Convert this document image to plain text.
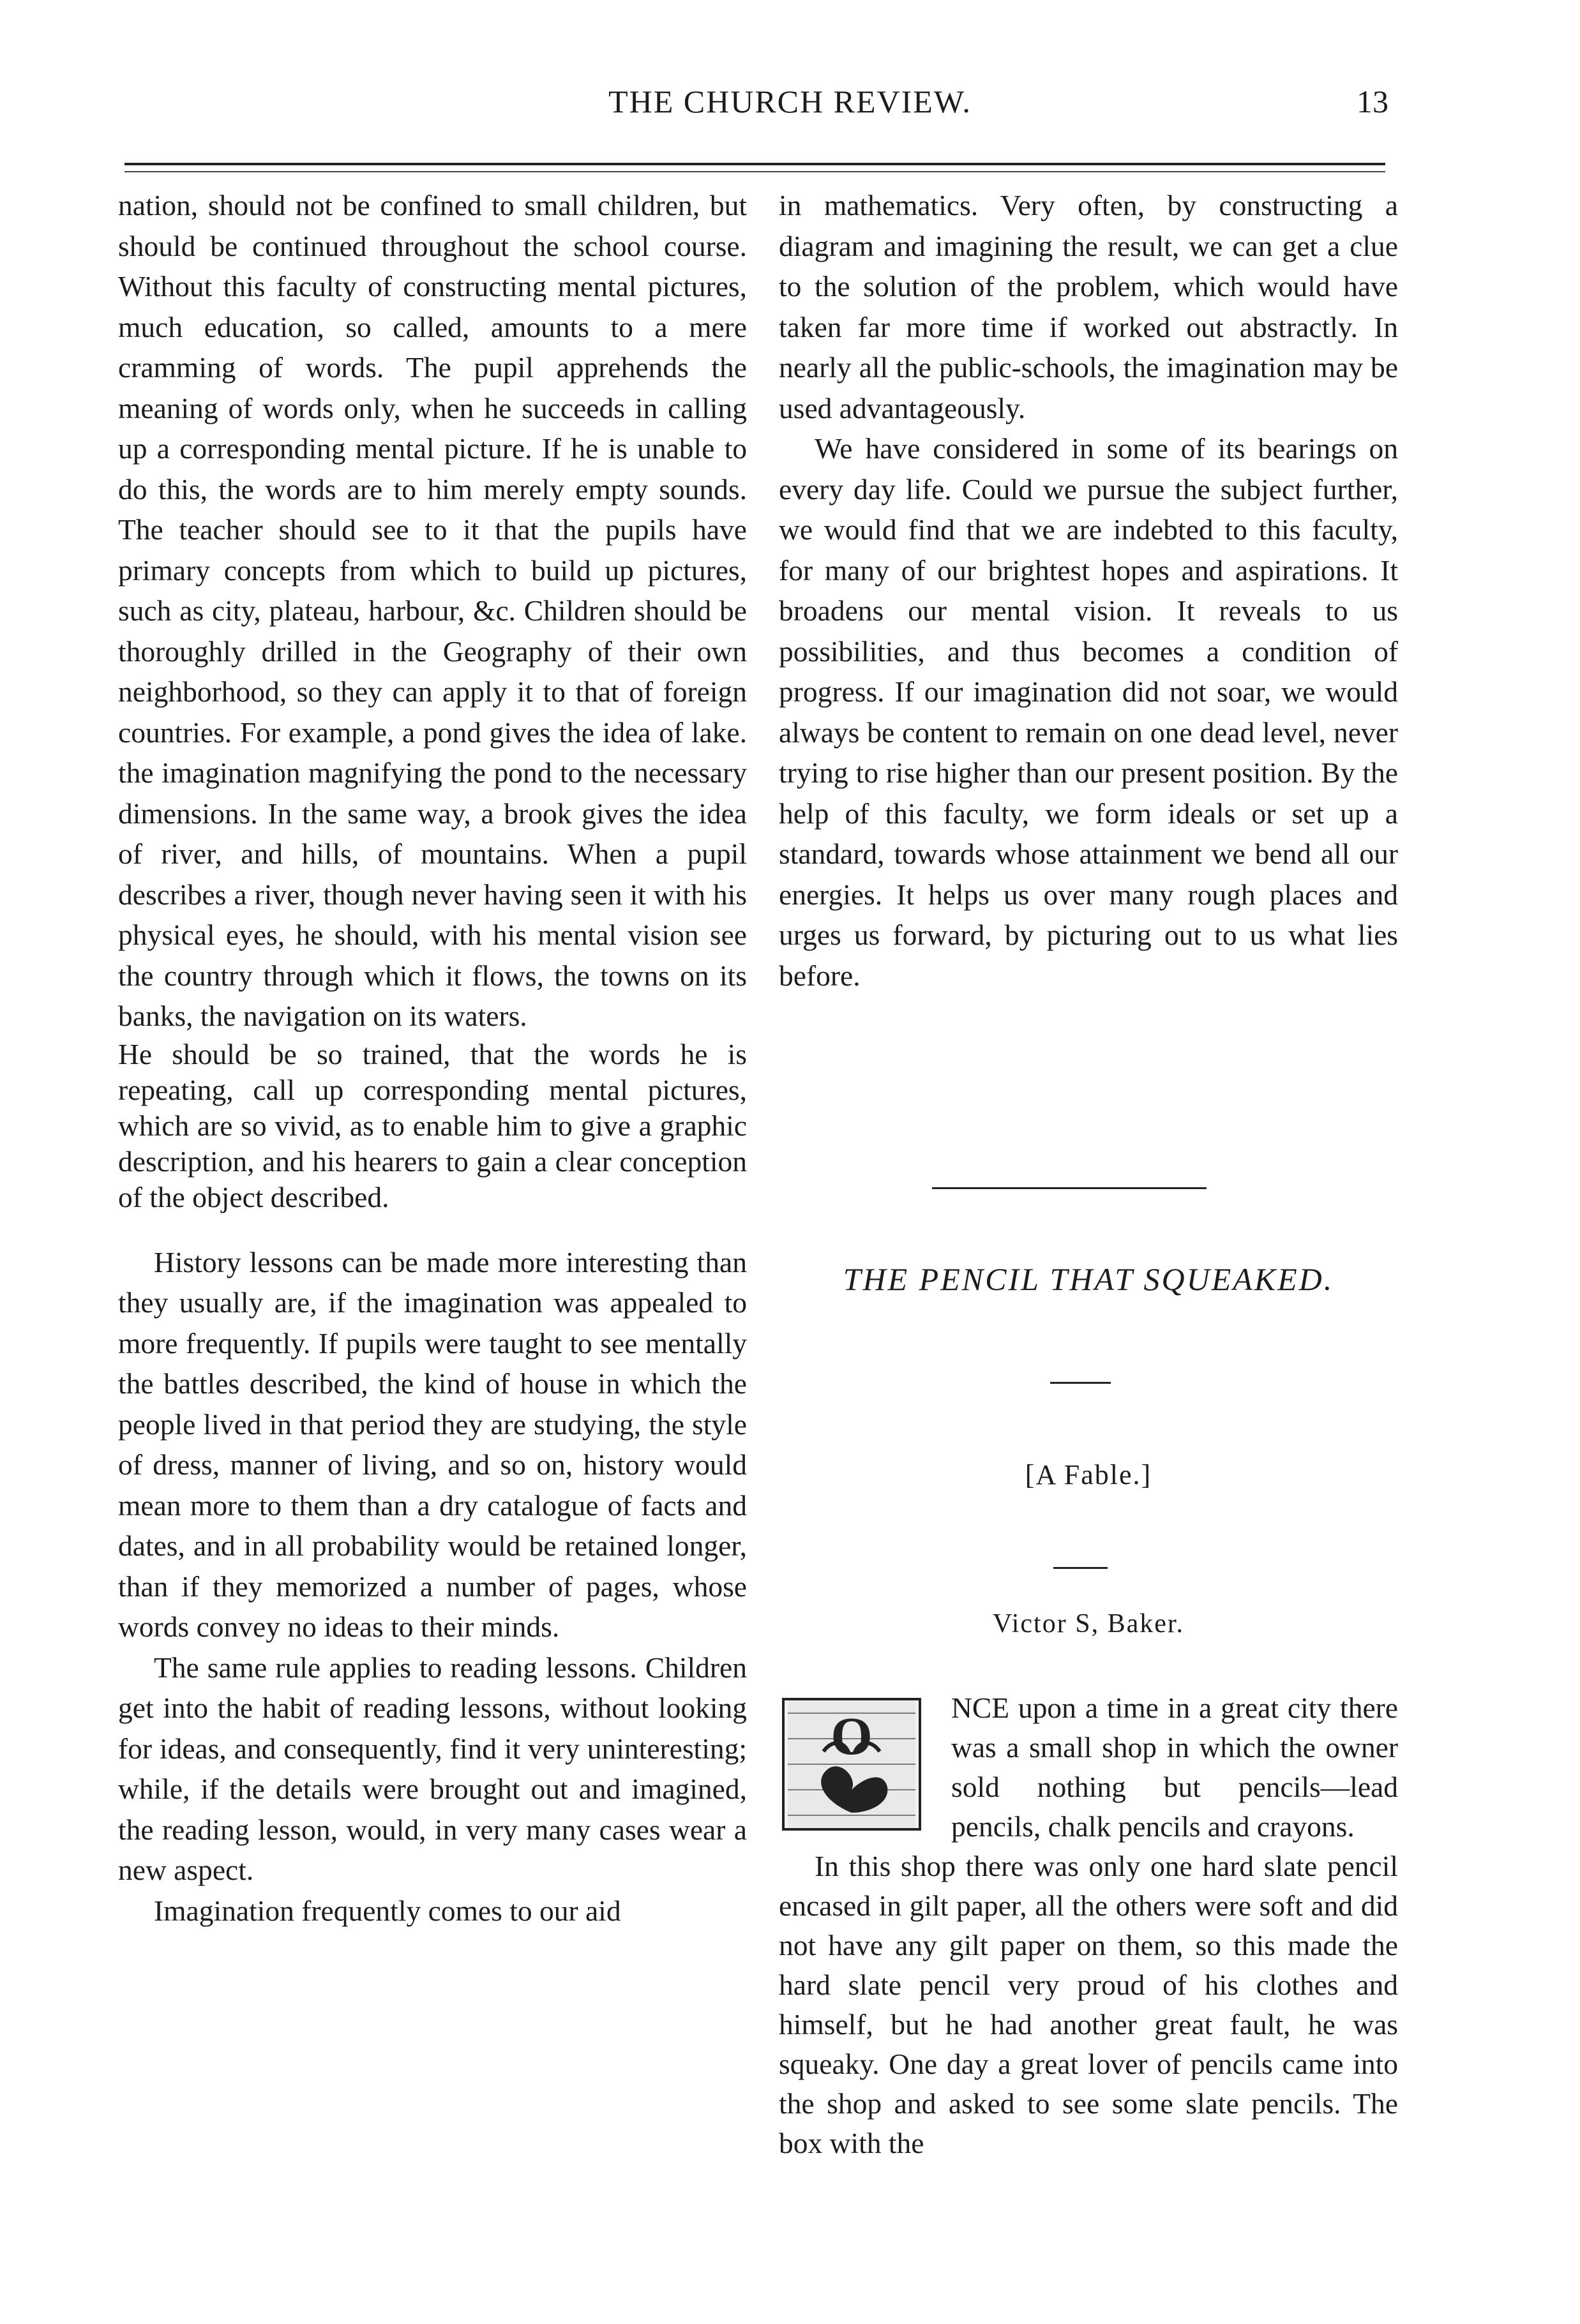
THE CHURCH REVIEW.	13

nation, should not be confined to small children, but should be continued throughout the school course. Without this faculty of constructing mental pictures, much education, so called, amounts to a mere cramming of words. The pupil apprehends the meaning of words only, when he succeeds in calling up a corresponding mental picture. If he is unable to do this, the words are to him merely empty sounds. The teacher should see to it that the pupils have primary concepts from which to build up pictures, such as city, plateau, harbour, &c. Children should be thoroughly drilled in the Geography of their own neighborhood, so they can apply it to that of foreign countries. For example, a pond gives the idea of lake. the imagination magnifying the pond to the necessary dimensions. In the same way, a brook gives the idea of river, and hills, of mountains. When a pupil describes a river, though never having seen it with his physical eyes, he should, with his mental vision see the country through which it flows, the towns on its banks, the navigation on its waters.

He should be so trained, that the words he is repeating, call up corresponding mental pictures, which are so vivid, as to enable him to give a graphic description, and his hearers to gain a clear conception of the object described.

History lessons can be made more interesting than they usually are, if the imagination was appealed to more frequently. If pupils were taught to see mentally the battles described, the kind of house in which the people lived in that period they are studying, the style of dress, manner of living, and so on, history would mean more to them than a dry catalogue of facts and dates, and in all probability would be retained longer, than if they memorized a number of pages, whose words convey no ideas to their minds.

The same rule applies to reading lessons. Children get into the habit of reading lessons, without looking for ideas, and consequently, find it very uninteresting; while, if the details were brought out and imagined, the reading lesson, would, in very many cases wear a new aspect.

Imagination frequently comes to our aid

in mathematics. Very often, by constructing a diagram and imagining the result, we can get a clue to the solution of the problem, which would have taken far more time if worked out abstractly. In nearly all the public-schools, the imagination may be used advantageously.

We have considered in some of its bearings on every day life. Could we pursue the subject further, we would find that we are indebted to this faculty, for many of our brightest hopes and aspirations. It broadens our mental vision. It reveals to us possibilities, and thus becomes a condition of progress. If our imagination did not soar, we would always be content to remain on one dead level, never trying to rise higher than our present position. By the help of this faculty, we form ideals or set up a standard, towards whose attainment we bend all our energies. It helps us over many rough places and urges us forward, by picturing out to us what lies before.

THE PENCIL THAT SQUEAKED.
[A Fable.]
Victor S, Baker.
O	NCE upon a time in a great city there was a small shop in which the owner sold nothing but pencils—lead pencils, chalk pencils and crayons.
In this shop there was only one hard slate pencil encased in gilt paper, all the others were soft and did not have any gilt paper on them, so this made the hard slate pencil very proud of his clothes and himself, but he had another great fault, he was squeaky. One day a great lover of pencils came into the shop and asked to see some slate pencils. The box with the
